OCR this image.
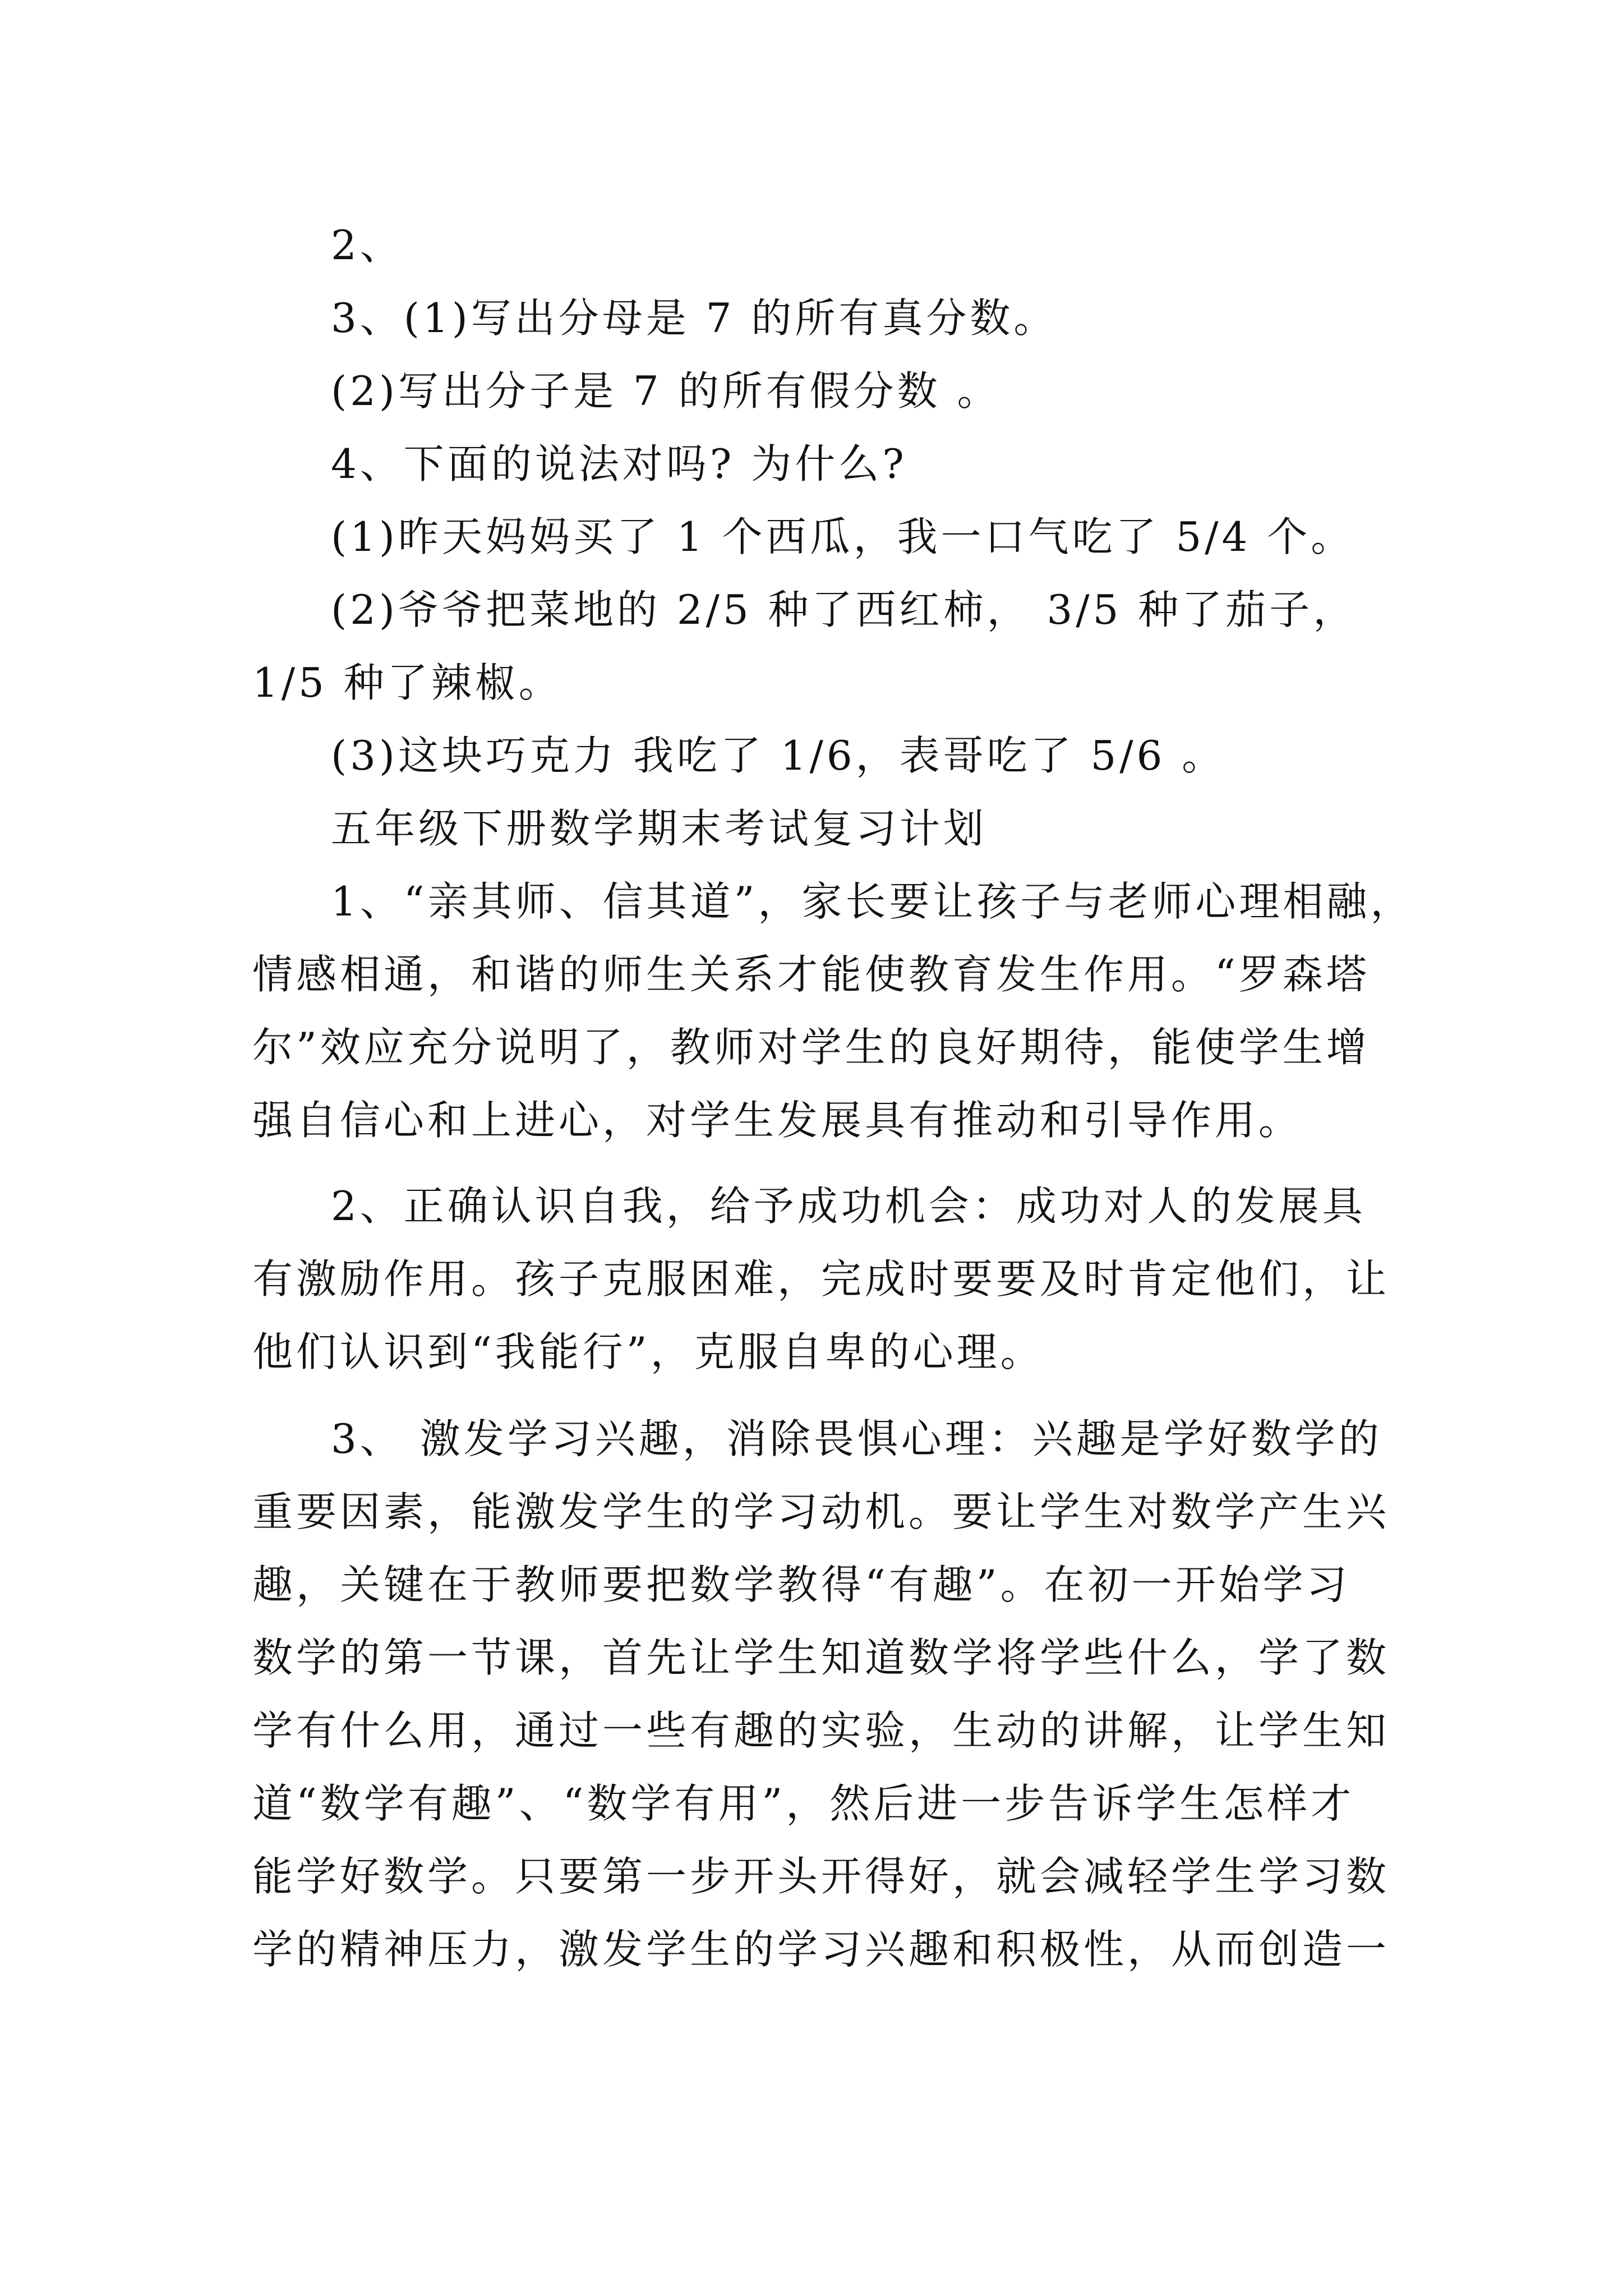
2、
3、(1)写出分母是 7 的所有真分数。
(2)写出分子是 7 的所有假分数 。
4、下面的说法对吗? 为什么?
(1)昨天妈妈买了 1 个西瓜，我一口气吃了 5/4 个。
(2)爷爷把菜地的 2/5 种了西红柿， 3/5 种了茄子，
1/5 种了辣椒。
(3)这块巧克力 我吃了 1/6，表哥吃了 5/6 。
五年级下册数学期末考试复习计划
1、“亲其师、信其道”，家长要让孩子与老师心理相融，
情感相通，和谐的师生关系才能使教育发生作用。“罗森塔
尔”效应充分说明了，教师对学生的良好期待，能使学生增
强自信心和上进心，对学生发展具有推动和引导作用。
2、正确认识自我，给予成功机会：成功对人的发展具
有激励作用。孩子克服困难，完成时要要及时肯定他们，让
他们认识到“我能行”，克服自卑的心理。
3、 激发学习兴趣，消除畏惧心理：兴趣是学好数学的
重要因素，能激发学生的学习动机。要让学生对数学产生兴
趣，关键在于教师要把数学教得“有趣”。在初一开始学习
数学的第一节课，首先让学生知道数学将学些什么，学了数
学有什么用，通过一些有趣的实验，生动的讲解，让学生知
道“数学有趣”、“数学有用”，然后进一步告诉学生怎样才
能学好数学。只要第一步开头开得好，就会减轻学生学习数
学的精神压力，激发学生的学习兴趣和积极性，从而创造一
